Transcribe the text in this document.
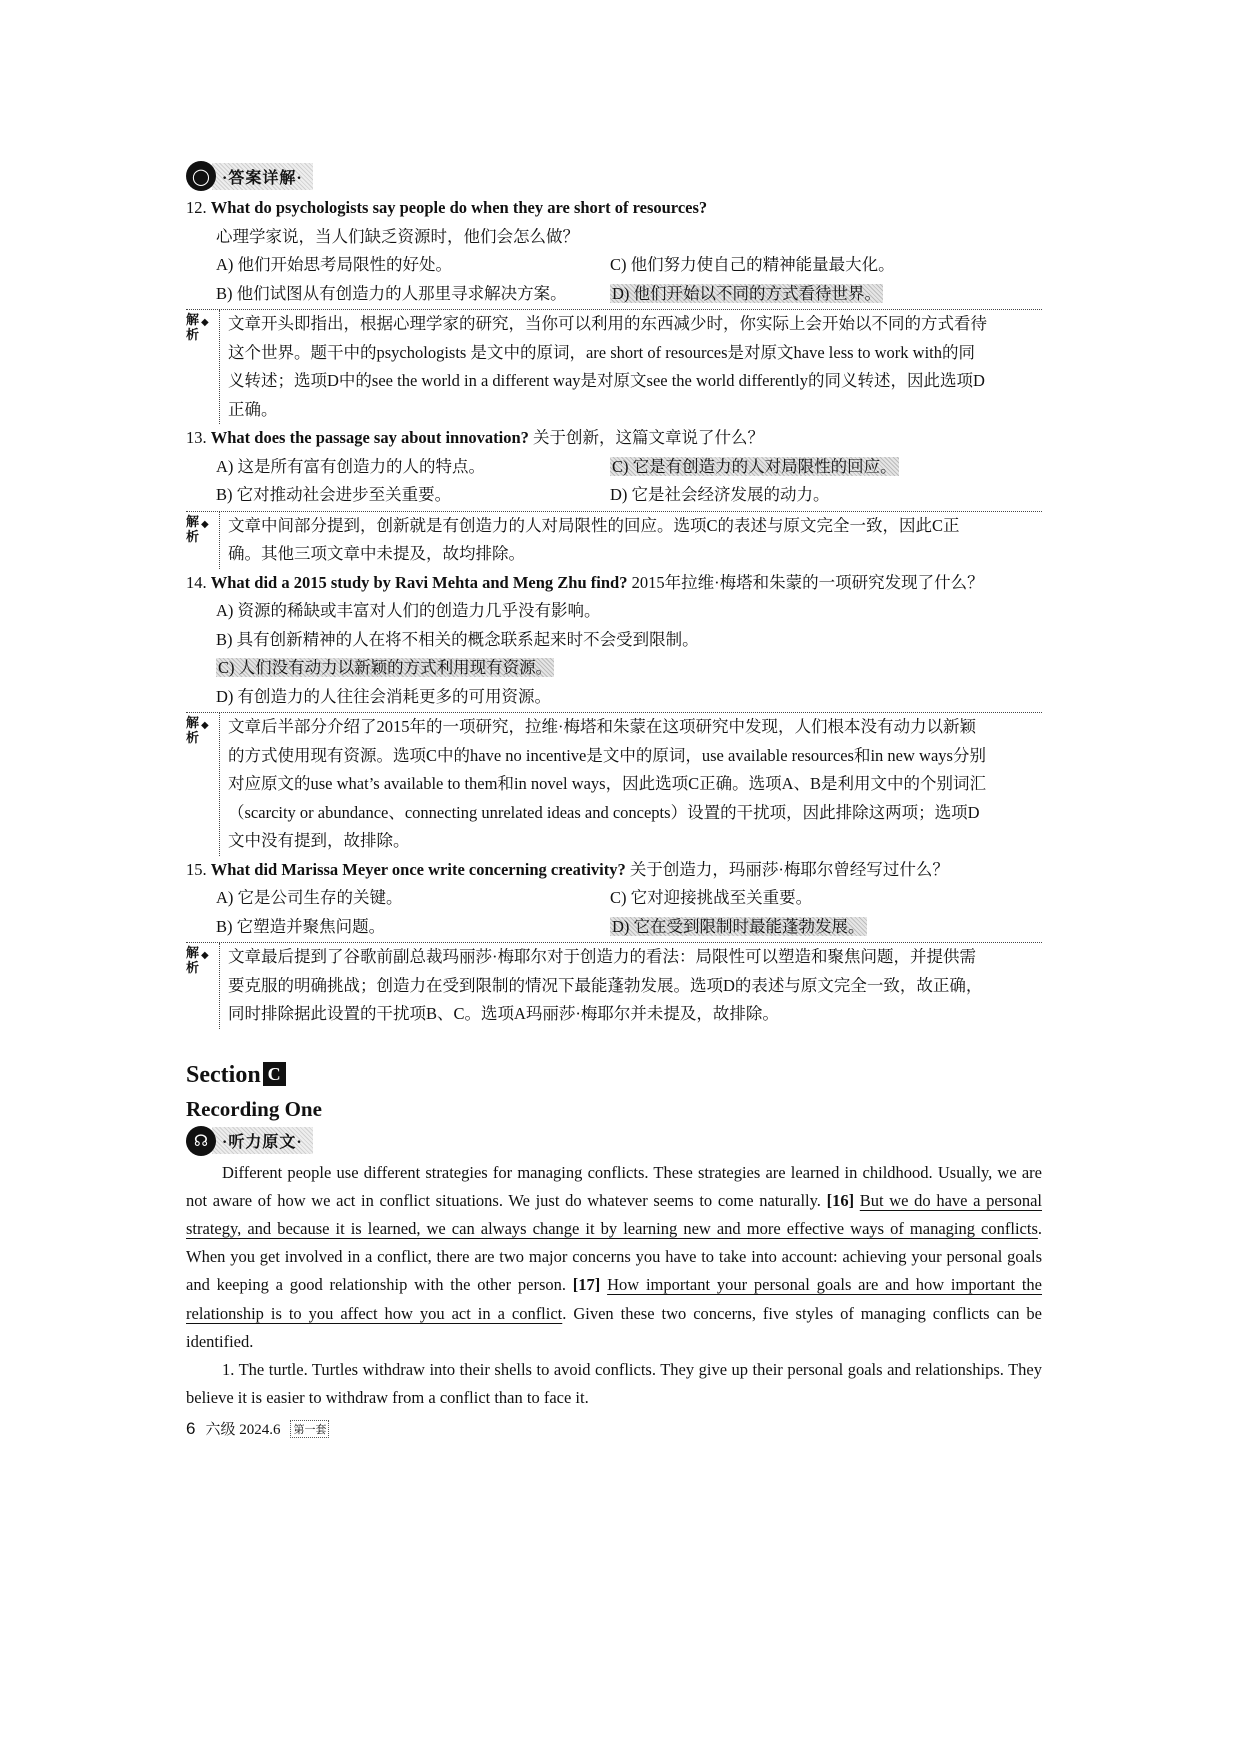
◯ ·答案详解·
12. What do psychologists say people do when they are short of resources?
心理学家说，当人们缺乏资源时，他们会怎么做？
A) 他们开始思考局限性的好处。	C) 他们努力使自己的精神能量最大化。
B) 他们试图从有创造力的人那里寻求解决方案。	D) 他们开始以不同的方式看待世界。
解析
◆ 文章开头即指出，根据心理学家的研究，当你可以利用的东西减少时，你实际上会开始以不同的方式看待
这个世界。题干中的psychologists 是文中的原词，are short of resources是对原文have less to work with的同
义转述；选项D中的see the world in a different way是对原文see the world differently的同义转述，因此选项D
正确。
13. What does the passage say about innovation? 关于创新，这篇文章说了什么？
A) 这是所有富有创造力的人的特点。	C) 它是有创造力的人对局限性的回应。
B) 它对推动社会进步至关重要。	D) 它是社会经济发展的动力。
解析
◆ 文章中间部分提到，创新就是有创造力的人对局限性的回应。选项C的表述与原文完全一致，因此C正
确。其他三项文章中未提及，故均排除。
14. What did a 2015 study by Ravi Mehta and Meng Zhu find? 2015年拉维·梅塔和朱蒙的一项研究发现了什么？
A) 资源的稀缺或丰富对人们的创造力几乎没有影响。
B) 具有创新精神的人在将不相关的概念联系起来时不会受到限制。
C) 人们没有动力以新颖的方式利用现有资源。
D) 有创造力的人往往会消耗更多的可用资源。
解析
◆ 文章后半部分介绍了2015年的一项研究，拉维·梅塔和朱蒙在这项研究中发现，人们根本没有动力以新颖
的方式使用现有资源。选项C中的have no incentive是文中的原词，use available resources和in new ways分别
对应原文的use what’s available to them和in novel ways，因此选项C正确。选项A、B是利用文中的个别词汇
（scarcity or abundance、connecting unrelated ideas and concepts）设置的干扰项，因此排除这两项；选项D
文中没有提到，故排除。
15. What did Marissa Meyer once write concerning creativity? 关于创造力，玛丽莎·梅耶尔曾经写过什么？
A) 它是公司生存的关键。	C) 它对迎接挑战至关重要。
B) 它塑造并聚焦问题。	D) 它在受到限制时最能蓬勃发展。
解析
◆ 文章最后提到了谷歌前副总裁玛丽莎·梅耶尔对于创造力的看法：局限性可以塑造和聚焦问题，并提供需
要克服的明确挑战；创造力在受到限制的情况下最能蓬勃发展。选项D的表述与原文完全一致，故正确，
同时排除据此设置的干扰项B、C。选项A玛丽莎·梅耶尔并未提及，故排除。
Section C
Recording One
☊ ·听力原文·
Different people use different strategies for managing conflicts. These strategies are learned in childhood. Usually, we are not aware of how we act in conflict situations. We just do whatever seems to come naturally. [16] But we do have a personal strategy, and because it is learned, we can always change it by learning new and more effective ways of managing conflicts. When you get involved in a conflict, there are two major concerns you have to take into account: achieving your personal goals and keeping a good relationship with the other person. [17] How important your personal goals are and how important the relationship is to you affect how you act in a conflict. Given these two concerns, five styles of managing conflicts can be identified.
1. The turtle. Turtles withdraw into their shells to avoid conflicts. They give up their personal goals and relationships. They believe it is easier to withdraw from a conflict than to face it.
6 六级 2024.6 第一套
